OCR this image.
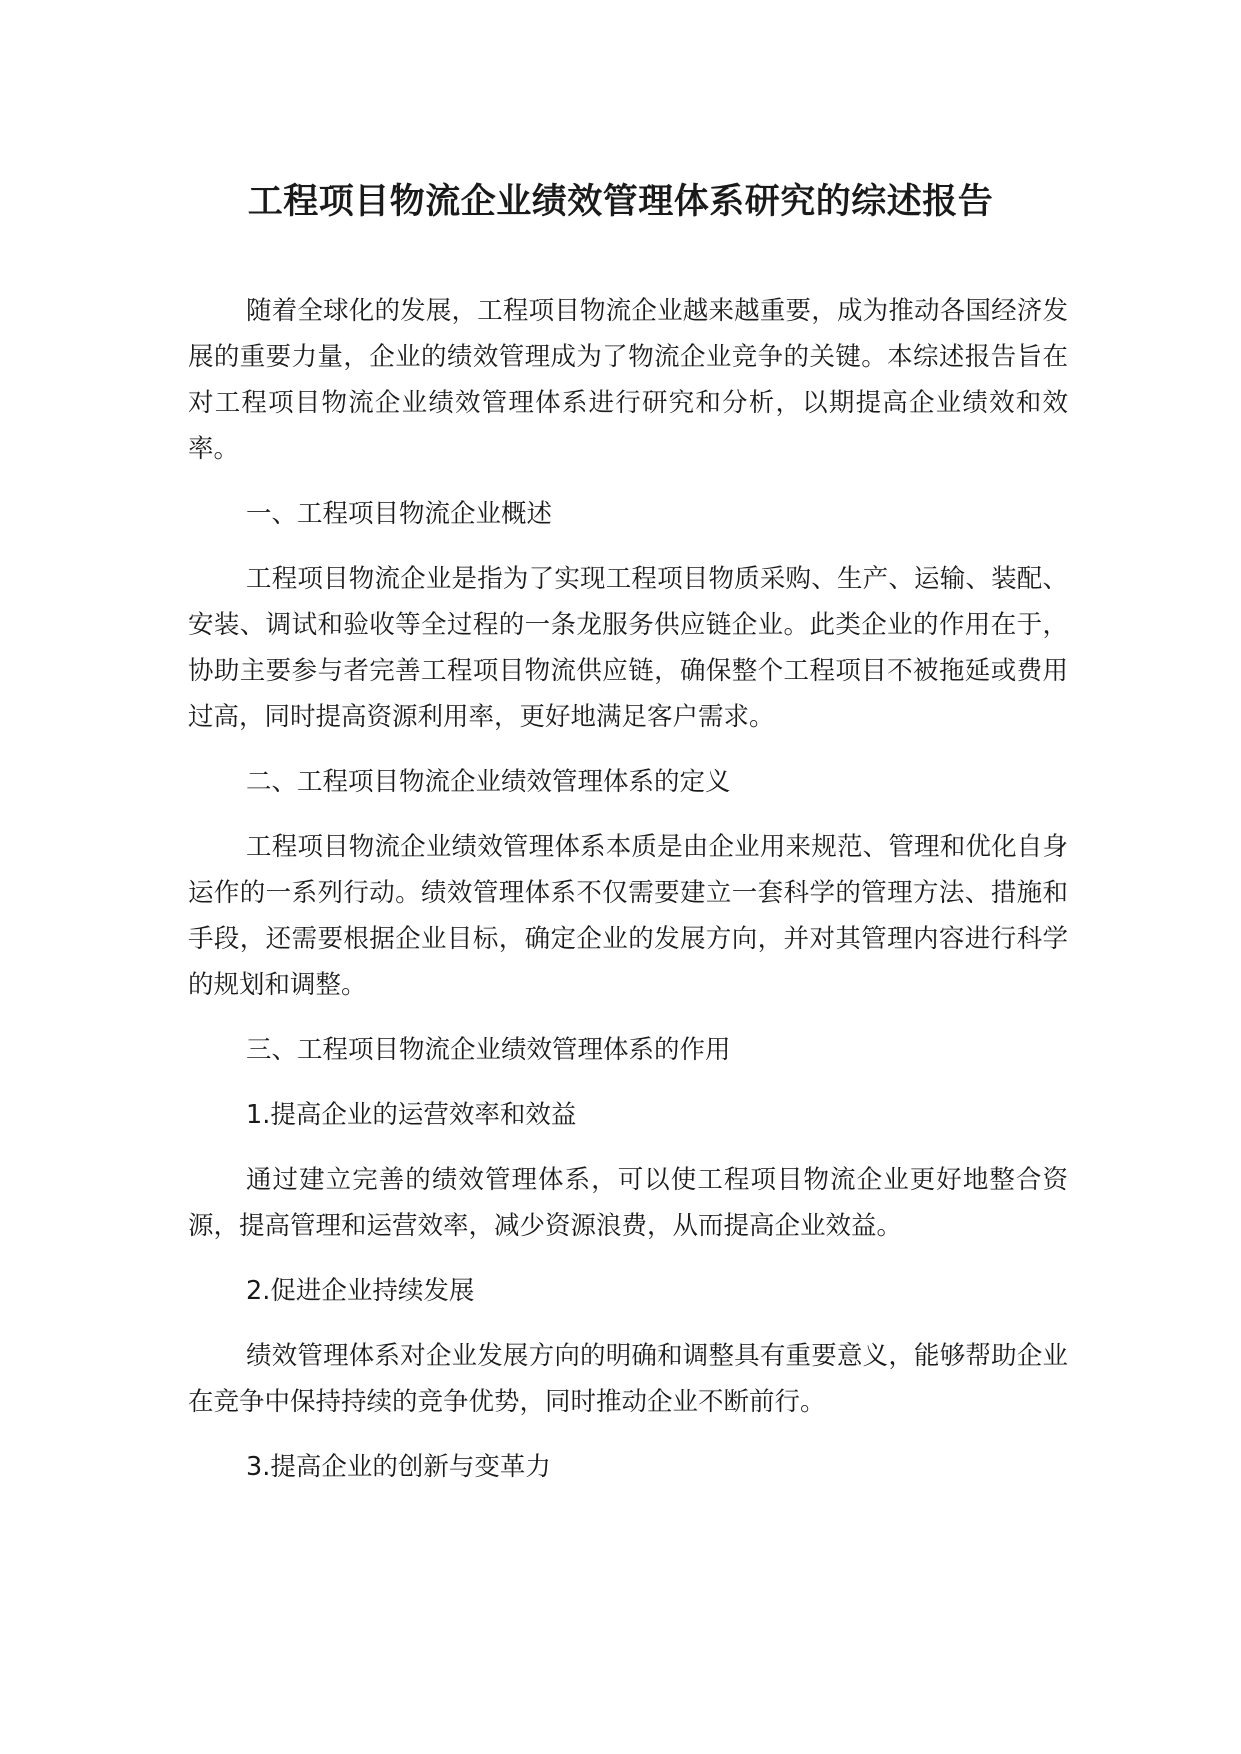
工程项目物流企业绩效管理体系研究的综述报告

随着全球化的发展，工程项目物流企业越来越重要，成为推动各国经济发展的重要力量，企业的绩效管理成为了物流企业竞争的关键。本综述报告旨在对工程项目物流企业绩效管理体系进行研究和分析，以期提高企业绩效和效率。

一、工程项目物流企业概述

工程项目物流企业是指为了实现工程项目物质采购、生产、运输、装配、安装、调试和验收等全过程的一条龙服务供应链企业。此类企业的作用在于，协助主要参与者完善工程项目物流供应链，确保整个工程项目不被拖延或费用过高，同时提高资源利用率，更好地满足客户需求。

二、工程项目物流企业绩效管理体系的定义

工程项目物流企业绩效管理体系本质是由企业用来规范、管理和优化自身运作的一系列行动。绩效管理体系不仅需要建立一套科学的管理方法、措施和手段，还需要根据企业目标，确定企业的发展方向，并对其管理内容进行科学的规划和调整。

三、工程项目物流企业绩效管理体系的作用

1.提高企业的运营效率和效益

通过建立完善的绩效管理体系，可以使工程项目物流企业更好地整合资源，提高管理和运营效率，减少资源浪费，从而提高企业效益。

2.促进企业持续发展

绩效管理体系对企业发展方向的明确和调整具有重要意义，能够帮助企业在竞争中保持持续的竞争优势，同时推动企业不断前行。

3.提高企业的创新与变革力
